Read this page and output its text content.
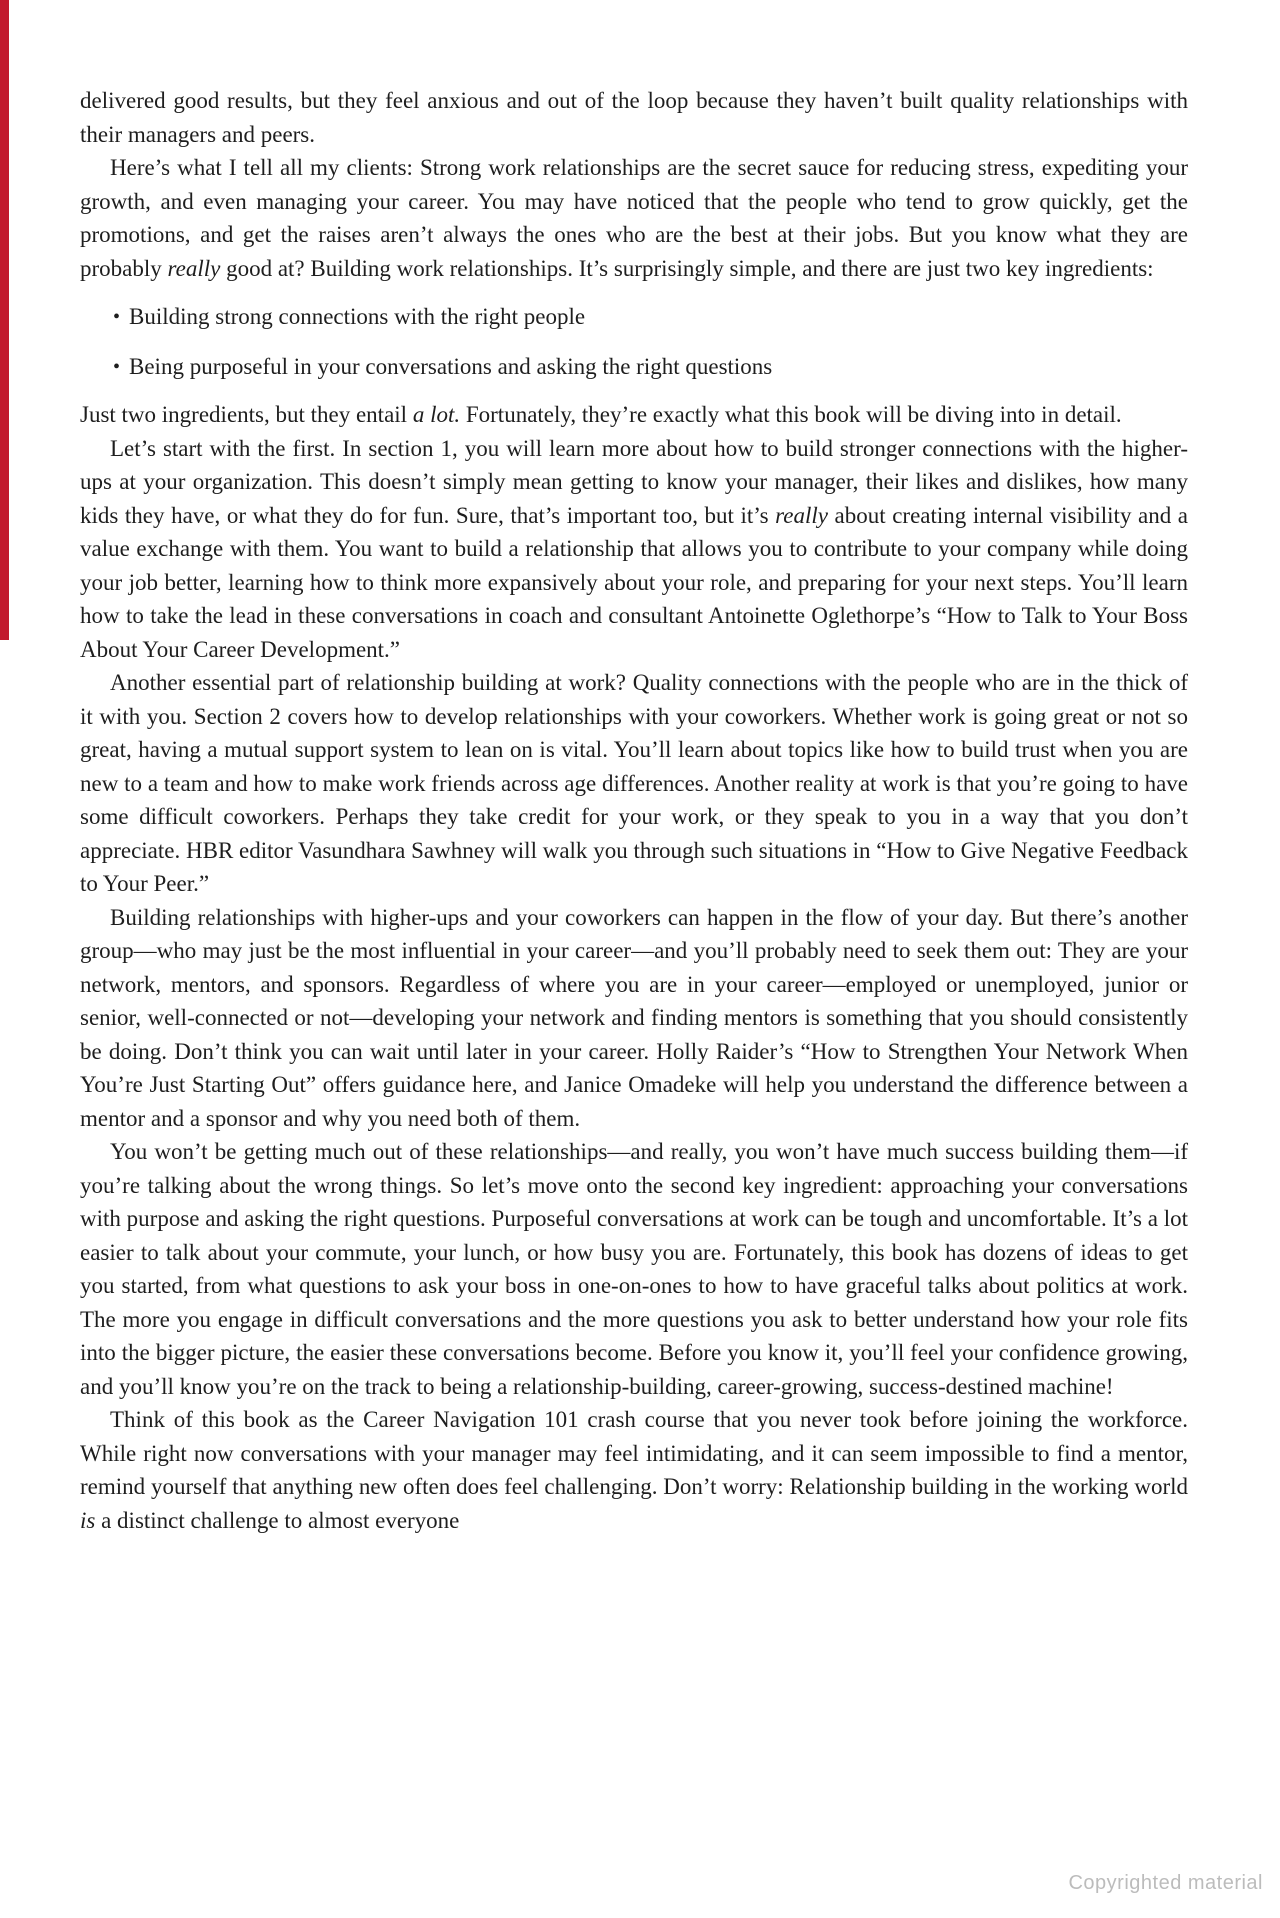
delivered good results, but they feel anxious and out of the loop because they haven’t built quality relationships with their managers and peers.

Here’s what I tell all my clients: Strong work relationships are the secret sauce for reducing stress, expediting your growth, and even managing your career. You may have noticed that the people who tend to grow quickly, get the promotions, and get the raises aren’t always the ones who are the best at their jobs. But you know what they are probably really good at? Building work relationships. It’s surprisingly simple, and there are just two key ingredients:

• Building strong connections with the right people
• Being purposeful in your conversations and asking the right questions

Just two ingredients, but they entail a lot. Fortunately, they’re exactly what this book will be diving into in detail.

Let’s start with the first. In section 1, you will learn more about how to build stronger connections with the higher-ups at your organization. This doesn’t simply mean getting to know your manager, their likes and dislikes, how many kids they have, or what they do for fun. Sure, that’s important too, but it’s really about creating internal visibility and a value exchange with them. You want to build a relationship that allows you to contribute to your company while doing your job better, learning how to think more expansively about your role, and preparing for your next steps. You’ll learn how to take the lead in these conversations in coach and consultant Antoinette Oglethorpe’s “How to Talk to Your Boss About Your Career Development.”

Another essential part of relationship building at work? Quality connections with the people who are in the thick of it with you. Section 2 covers how to develop relationships with your coworkers. Whether work is going great or not so great, having a mutual support system to lean on is vital. You’ll learn about topics like how to build trust when you are new to a team and how to make work friends across age differences. Another reality at work is that you’re going to have some difficult coworkers. Perhaps they take credit for your work, or they speak to you in a way that you don’t appreciate. HBR editor Vasundhara Sawhney will walk you through such situations in “How to Give Negative Feedback to Your Peer.”

Building relationships with higher-ups and your coworkers can happen in the flow of your day. But there’s another group—who may just be the most influential in your career—and you’ll probably need to seek them out: They are your network, mentors, and sponsors. Regardless of where you are in your career—employed or unemployed, junior or senior, well-connected or not—developing your network and finding mentors is something that you should consistently be doing. Don’t think you can wait until later in your career. Holly Raider’s “How to Strengthen Your Network When You’re Just Starting Out” offers guidance here, and Janice Omadeke will help you understand the difference between a mentor and a sponsor and why you need both of them.

You won’t be getting much out of these relationships—and really, you won’t have much success building them—if you’re talking about the wrong things. So let’s move onto the second key ingredient: approaching your conversations with purpose and asking the right questions. Purposeful conversations at work can be tough and uncomfortable. It’s a lot easier to talk about your commute, your lunch, or how busy you are. Fortunately, this book has dozens of ideas to get you started, from what questions to ask your boss in one-on-ones to how to have graceful talks about politics at work. The more you engage in difficult conversations and the more questions you ask to better understand how your role fits into the bigger picture, the easier these conversations become. Before you know it, you’ll feel your confidence growing, and you’ll know you’re on the track to being a relationship-building, career-growing, success-destined machine!

Think of this book as the Career Navigation 101 crash course that you never took before joining the workforce. While right now conversations with your manager may feel intimidating, and it can seem impossible to find a mentor, remind yourself that anything new often does feel challenging. Don’t worry: Relationship building in the working world is a distinct challenge to almost everyone

Copyrighted material
